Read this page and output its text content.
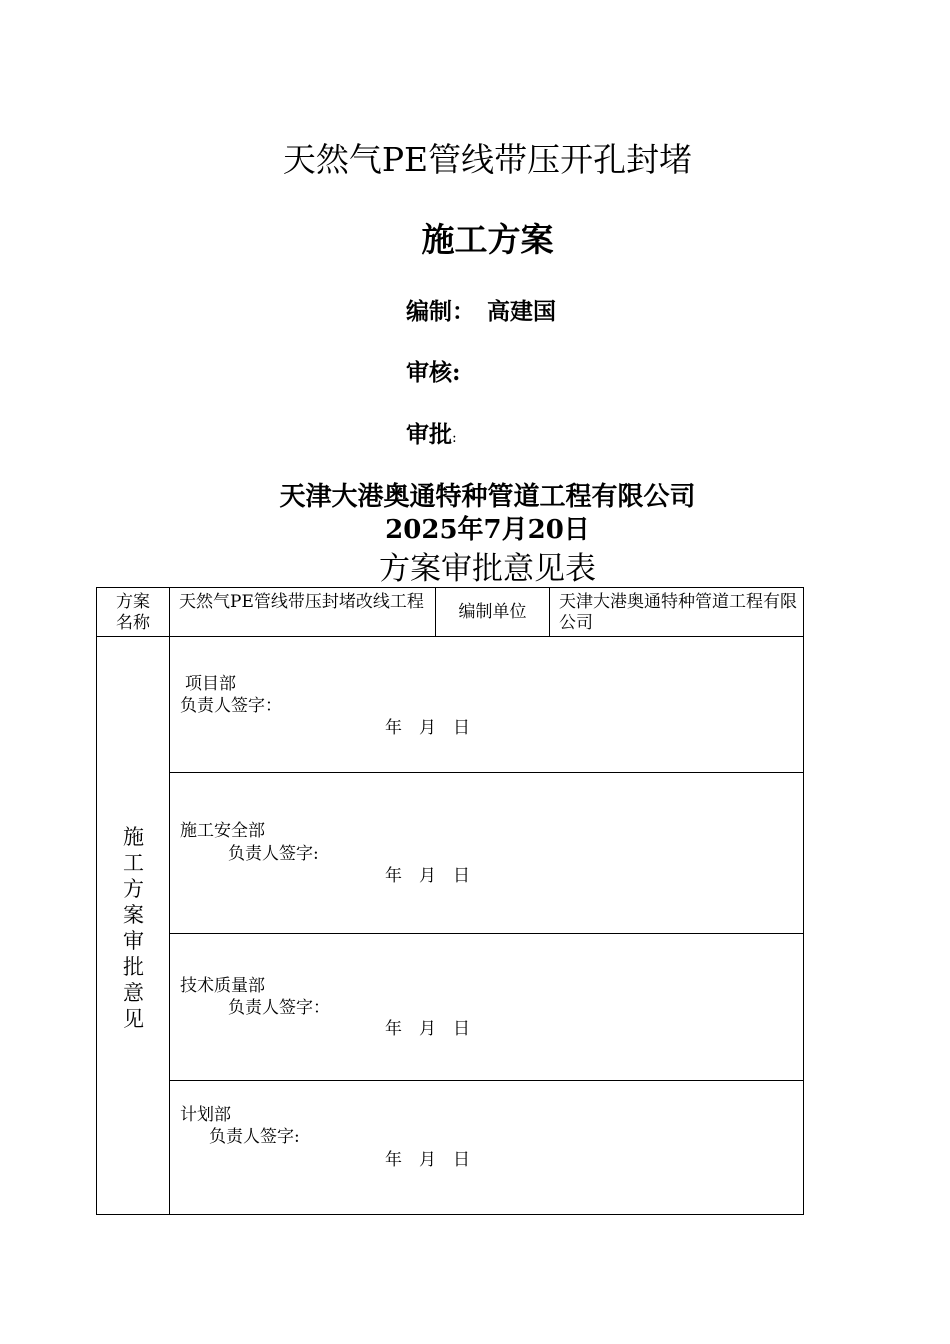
天然气PE管线带压开孔封堵
施工方案
编制： 高建国
审核:
审批:
天津大港奥通特种管道工程有限公司
2025年7月20日
方案审批意见表
方案名称
天然气PE管线带压封堵改线工程	编制单位	天津大港奥通特种管道工程有限公司
施
工
方
案
审
批
意
见
项目部
负责人签字：
年　月　日
施工安全部
负责人签字:
年　月　日
技术质量部
负责人签字：
年　月　日
计划部
负责人签字:
年　月　日
